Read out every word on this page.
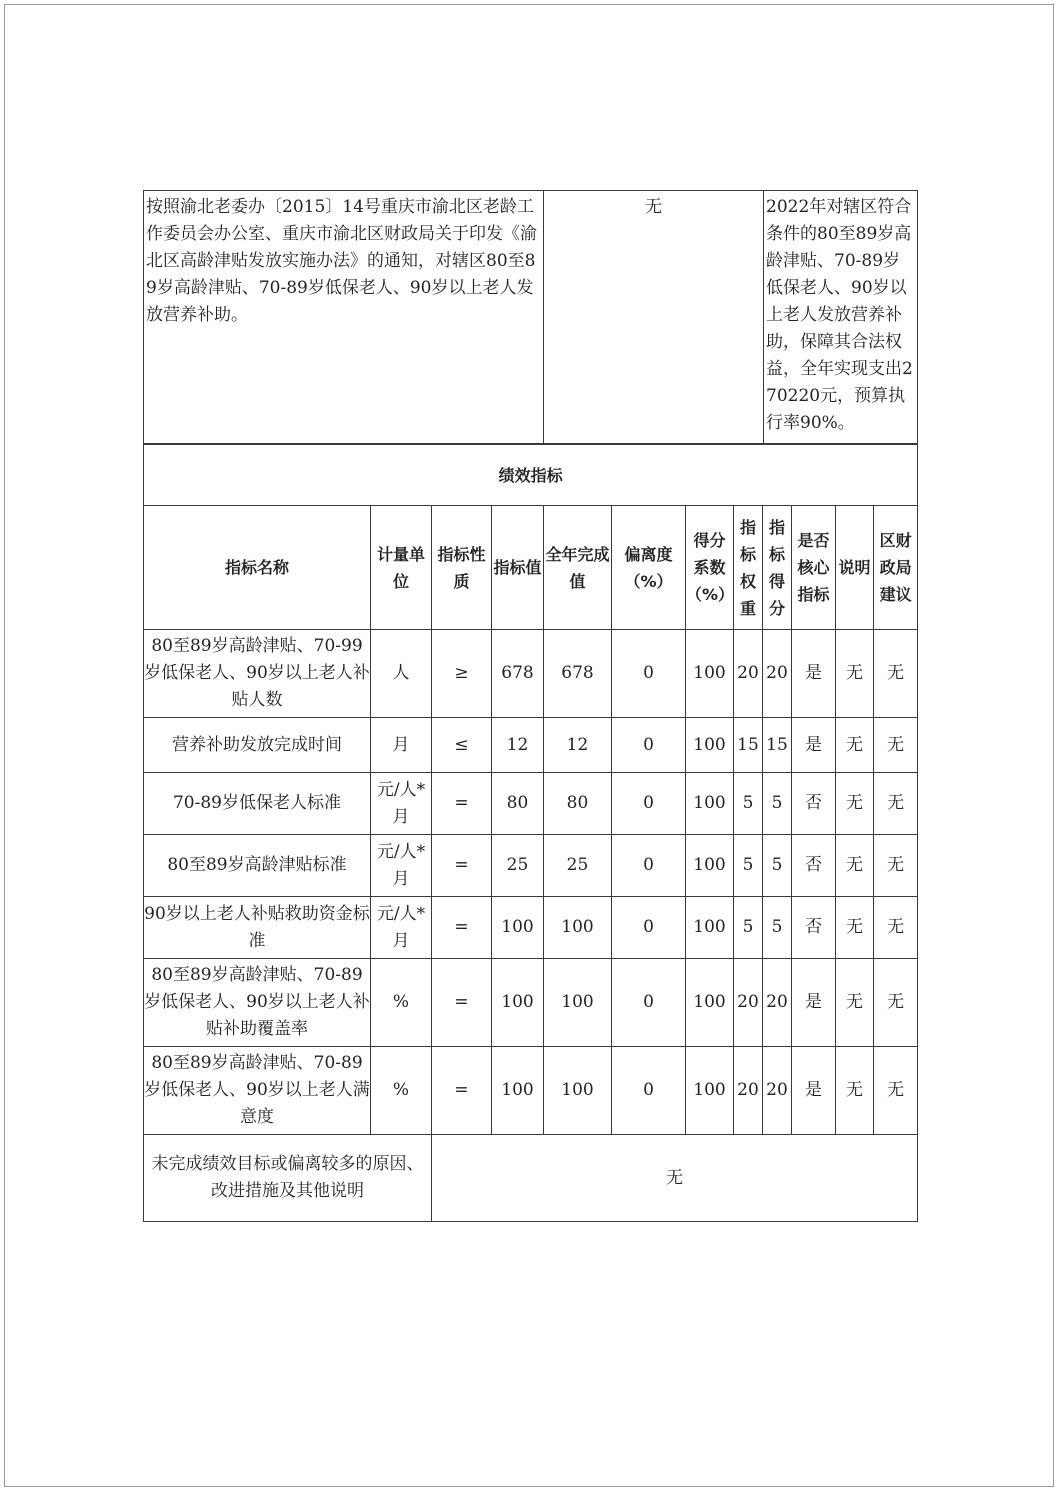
按照渝北老委办〔2015〕14号重庆市渝北区老龄工作委员会办公室、重庆市渝北区财政局关于印发《渝北区高龄津贴发放实施办法》的通知，对辖区80至89岁高龄津贴、70-89岁低保老人、90岁以上老人发放营养补助。	无	2022年对辖区符合条件的80至89岁高龄津贴、70-89岁低保老人、90岁以上老人发放营养补助，保障其合法权益，全年实现支出270220元，预算执行率90%。
绩效指标											
指标名称	计量单位	指标性质	指标值	全年完成值	偏离度（%）	得分系数（%）	指标权重	指标得分	是否核心指标	说明	区财政局建议
80至89岁高龄津贴、70-99岁低保老人、90岁以上老人补贴人数	人	≥	678	678	0	100	20	20	是	无	无
营养补助发放完成时间	月	≤	12	12	0	100	15	15	是	无	无
70-89岁低保老人标准	元/人*月	=	80	80	0	100	5	5	否	无	无
80至89岁高龄津贴标准	元/人*月	=	25	25	0	100	5	5	否	无	无
90岁以上老人补贴救助资金标准	元/人*月	=	100	100	0	100	5	5	否	无	无
80至89岁高龄津贴、70-89岁低保老人、90岁以上老人补贴补助覆盖率	%	=	100	100	0	100	20	20	是	无	无
80至89岁高龄津贴、70-89岁低保老人、90岁以上老人满意度	%	=	100	100	0	100	20	20	是	无	无
未完成绩效目标或偏离较多的原因、改进措施及其他说明		无									
